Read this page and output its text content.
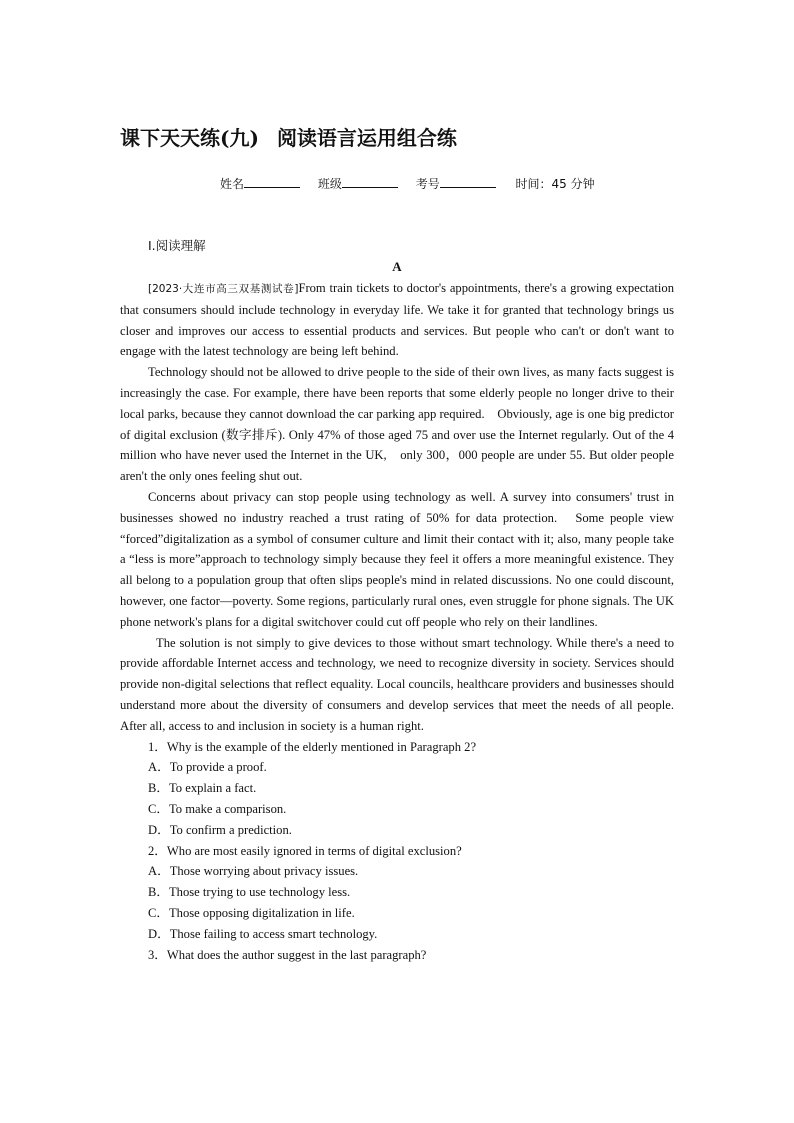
课下天天练(九) 阅读语言运用组合练
姓名	班级	考号	时间：45 分钟
Ⅰ.阅读理解
A

[2023·大连市高三双基测试卷]From train tickets to doctor's appointments, there's a growing expectation that consumers should include technology in everyday life. We take it for granted that technology brings us closer and improves our access to essential products and services. But people who can't or don't want to engage with the latest technology are being left behind.

Technology should not be allowed to drive people to the side of their own lives, as many facts suggest is increasingly the case. For example, there have been reports that some elderly people no longer drive to their local parks, because they cannot download the car parking app required.　Obviously, age is one big predictor of digital exclusion (数字排斥). Only 47% of those aged 75 and over use the Internet regularly. Out of the 4 million who have never used the Internet in the UK,　only 300，000 people are under 55. But older people aren't the only ones feeling shut out.

Concerns about privacy can stop people using technology as well. A survey into consumers' trust in businesses showed no industry reached a trust rating of 50% for data protection.　Some people view “forced”digitalization as a symbol of consumer culture and limit their contact with it; also, many people take a “less is more”approach to technology simply because they feel it offers a more meaningful existence. They all belong to a population group that often slips people's mind in related discussions. No one could discount, however, one factor—poverty. Some regions, particularly rural ones, even struggle for phone signals. The UK phone network's plans for a digital switchover could cut off people who rely on their landlines.

The solution is not simply to give devices to those without smart technology. While there's a need to provide affordable Internet access and technology, we need to recognize diversity in society. Services should provide non-digital selections that reflect equality. Local councils, healthcare providers and businesses should understand more about the diversity of consumers and develop services that meet the needs of all people. After all, access to and inclusion in society is a human right.

1．Why is the example of the elderly mentioned in Paragraph 2?
A．To provide a proof.
B．To explain a fact.
C．To make a comparison.
D．To confirm a prediction.
2．Who are most easily ignored in terms of digital exclusion?
A．Those worrying about privacy issues.
B．Those trying to use technology less.
C．Those opposing digitalization in life.
D．Those failing to access smart technology.
3．What does the author suggest in the last paragraph?
